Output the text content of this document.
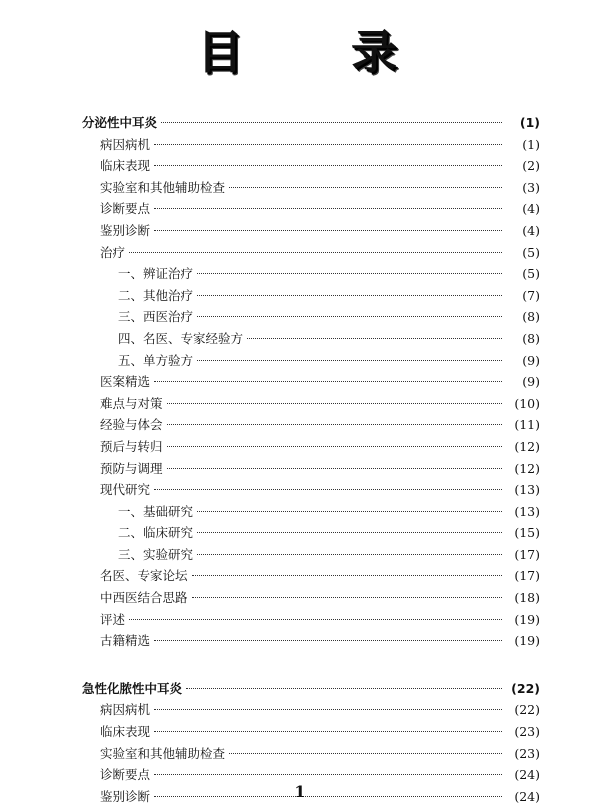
目 录
分泌性中耳炎	(1)
病因病机	(1)
临床表现	(2)
实验室和其他辅助检查	(3)
诊断要点	(4)
鉴别诊断	(4)
治疗	(5)
一、辨证治疗	(5)
二、其他治疗	(7)
三、西医治疗	(8)
四、名医、专家经验方	(8)
五、单方验方	(9)
医案精选	(9)
难点与对策	(10)
经验与体会	(11)
预后与转归	(12)
预防与调理	(12)
现代研究	(13)
一、基础研究	(13)
二、临床研究	(15)
三、实验研究	(17)
名医、专家论坛	(17)
中西医结合思路	(18)
评述	(19)
古籍精选	(19)
急性化脓性中耳炎	(22)
病因病机	(22)
临床表现	(23)
实验室和其他辅助检查	(23)
诊断要点	(24)
鉴别诊断	(24)
1
